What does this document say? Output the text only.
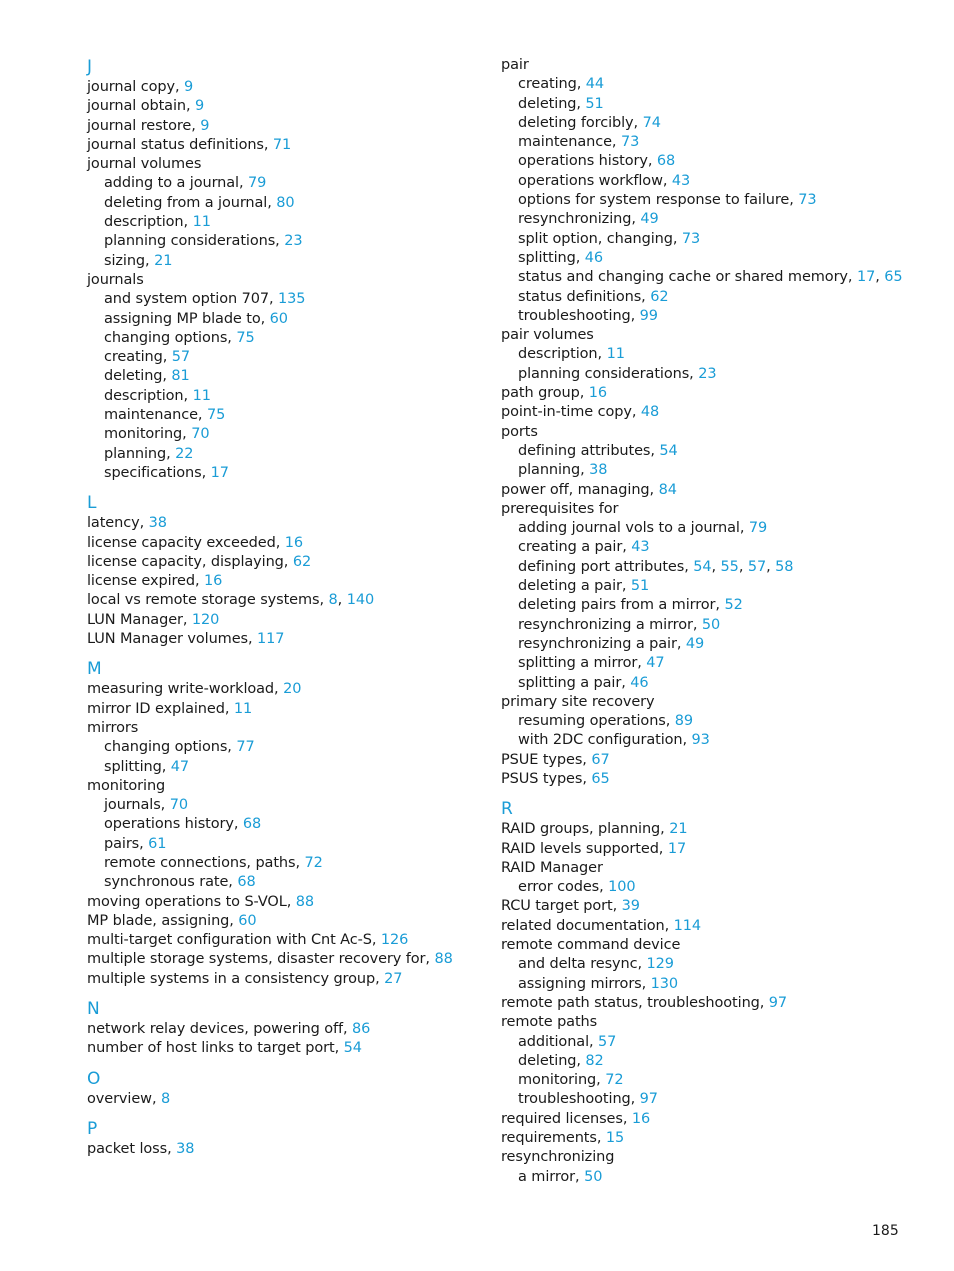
J
journal copy, 9
journal obtain, 9
journal restore, 9
journal status definitions, 71
journal volumes
adding to a journal, 79
deleting from a journal, 80
description, 11
planning considerations, 23
sizing, 21
journals
and system option 707, 135
assigning MP blade to, 60
changing options, 75
creating, 57
deleting, 81
description, 11
maintenance, 75
monitoring, 70
planning, 22
specifications, 17
L
latency, 38
license capacity exceeded, 16
license capacity, displaying, 62
license expired, 16
local vs remote storage systems, 8, 140
LUN Manager, 120
LUN Manager volumes, 117
M
measuring write-workload, 20
mirror ID explained, 11
mirrors
changing options, 77
splitting, 47
monitoring
journals, 70
operations history, 68
pairs, 61
remote connections, paths, 72
synchronous rate, 68
moving operations to S-VOL, 88
MP blade, assigning, 60
multi-target configuration with Cnt Ac-S, 126
multiple storage systems, disaster recovery for, 88
multiple systems in a consistency group, 27
N
network relay devices, powering off, 86
number of host links to target port, 54
O
overview, 8
P
packet loss, 38
pair
creating, 44
deleting, 51
deleting forcibly, 74
maintenance, 73
operations history, 68
operations workflow, 43
options for system response to failure, 73
resynchronizing, 49
split option, changing, 73
splitting, 46
status and changing cache or shared memory, 17, 65
status definitions, 62
troubleshooting, 99
pair volumes
description, 11
planning considerations, 23
path group, 16
point-in-time copy, 48
ports
defining attributes, 54
planning, 38
power off, managing, 84
prerequisites for
adding journal vols to a journal, 79
creating a pair, 43
defining port attributes, 54, 55, 57, 58
deleting a pair, 51
deleting pairs from a mirror, 52
resynchronizing a mirror, 50
resynchronizing a pair, 49
splitting a mirror, 47
splitting a pair, 46
primary site recovery
resuming operations, 89
with 2DC configuration, 93
PSUE types, 67
PSUS types, 65
R
RAID groups, planning, 21
RAID levels supported, 17
RAID Manager
error codes, 100
RCU target port, 39
related documentation, 114
remote command device
and delta resync, 129
assigning mirrors, 130
remote path status, troubleshooting, 97
remote paths
additional, 57
deleting, 82
monitoring, 72
troubleshooting, 97
required licenses, 16
requirements, 15
resynchronizing
a mirror, 50
185
